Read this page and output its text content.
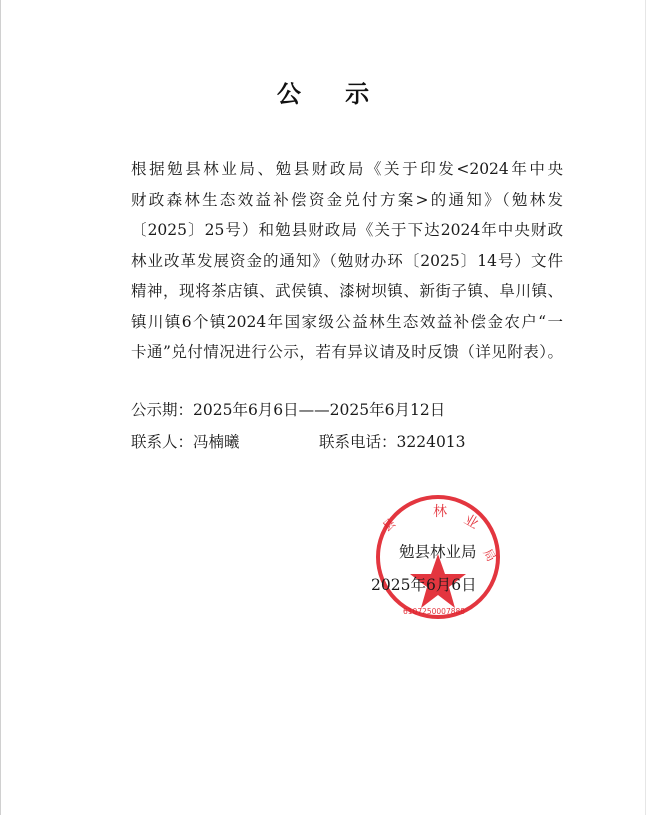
公 示
根据勉县林业局、勉县财政局《关于印发<2024年中央
财政森林生态效益补偿资金兑付方案>的通知》（勉林发
〔2025〕25号）和勉县财政局《关于下达2024年中央财政
林业改革发展资金的通知》（勉财办环〔2025〕14号）文件
精神，现将茶店镇、武侯镇、漆树坝镇、新街子镇、阜川镇、
镇川镇6个镇2024年国家级公益林生态效益补偿金农户“一
卡通”兑付情况进行公示，若有异议请及时反馈（详见附表）。
公示期：2025年6月6日——2025年6月12日
联系人：冯楠曦	联系电话：3224013
林 业
县
局
6107250007888
勉县林业局
2025年6月6日
